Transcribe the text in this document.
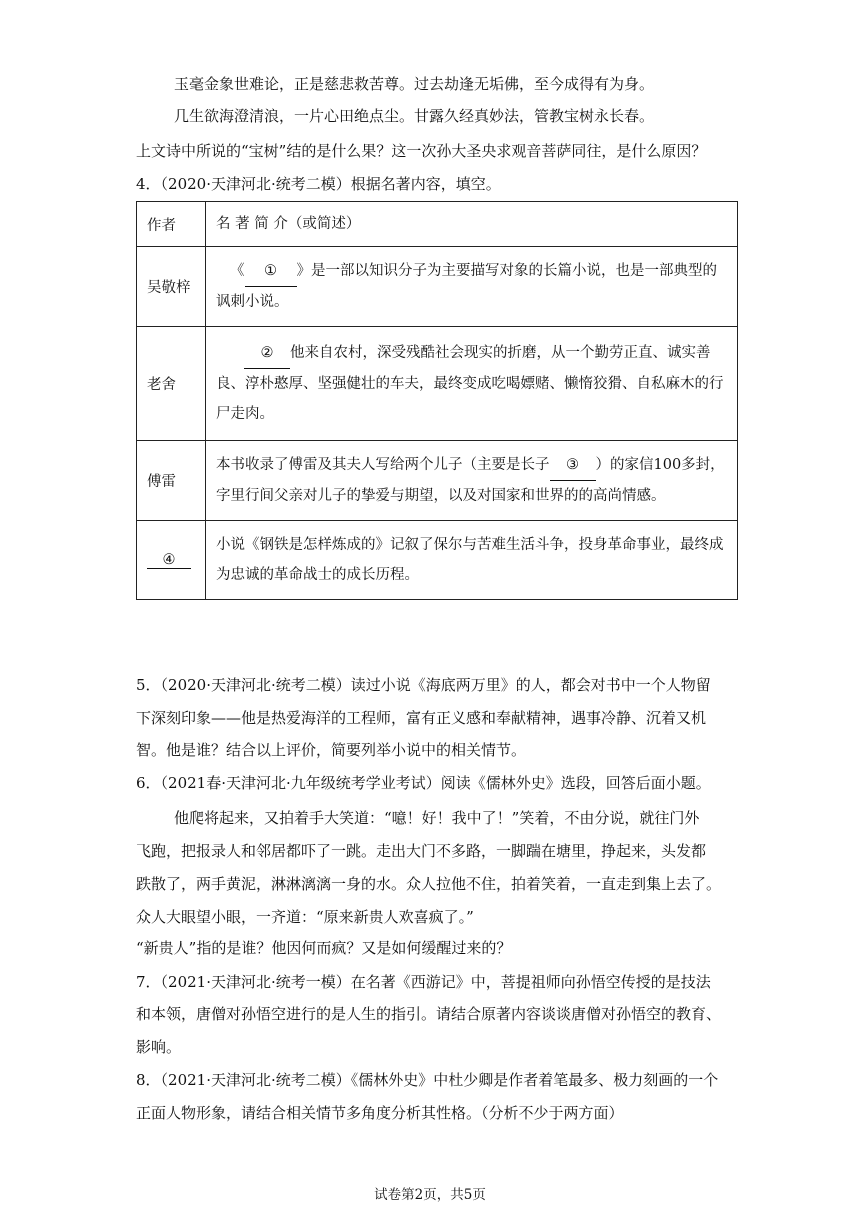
玉毫金象世难论，正是慈悲救苦尊。过去劫逢无垢佛，至今成得有为身。
几生欲海澄清浪，一片心田绝点尘。甘露久经真妙法，管教宝树永长春。
上文诗中所说的“宝树”结的是什么果？这一次孙大圣央求观音菩萨同往，是什么原因？
4．（2020·天津河北·统考二模）根据名著内容，填空。
作者	名 著 简 介（或简述）
吴敬梓	《 ① 》是一部以知识分子为主要描写对象的长篇小说，也是一部典型的讽刺小说。
老舍	② 他来自农村，深受残酷社会现实的折磨，从一个勤劳正直、诚实善良、淳朴憨厚、坚强健壮的车夫，最终变成吃喝嫖赌、懒惰狡猾、自私麻木的行尸走肉。
傅雷	本书收录了傅雷及其夫人写给两个儿子（主要是长子 ③ ）的家信100多封，字里行间父亲对儿子的挚爱与期望，以及对国家和世界的的高尚情感。
④	小说《钢铁是怎样炼成的》记叙了保尔与苦难生活斗争，投身革命事业，最终成为忠诚的革命战士的成长历程。
5．（2020·天津河北·统考二模）读过小说《海底两万里》的人，都会对书中一个人物留
下深刻印象——他是热爱海洋的工程师，富有正义感和奉献精神，遇事冷静、沉着又机
智。他是谁？结合以上评价，简要列举小说中的相关情节。
6．（2021春·天津河北·九年级统考学业考试）阅读《儒林外史》选段，回答后面小题。
他爬将起来，又拍着手大笑道：“噫！好！我中了！”笑着，不由分说，就往门外
飞跑，把报录人和邻居都吓了一跳。走出大门不多路，一脚踹在塘里，挣起来，头发都
跌散了，两手黄泥，淋淋漓漓一身的水。众人拉他不住，拍着笑着，一直走到集上去了。
众人大眼望小眼，一齐道：“原来新贵人欢喜疯了。”
“新贵人”指的是谁？他因何而疯？又是如何缓醒过来的？
7．（2021·天津河北·统考一模）在名著《西游记》中，菩提祖师向孙悟空传授的是技法
和本领，唐僧对孙悟空进行的是人生的指引。请结合原著内容谈谈唐僧对孙悟空的教育、
影响。
8．（2021·天津河北·统考二模）《儒林外史》中杜少卿是作者着笔最多、极力刻画的一个
正面人物形象，请结合相关情节多角度分析其性格。（分析不少于两方面）
试卷第2页，共5页
